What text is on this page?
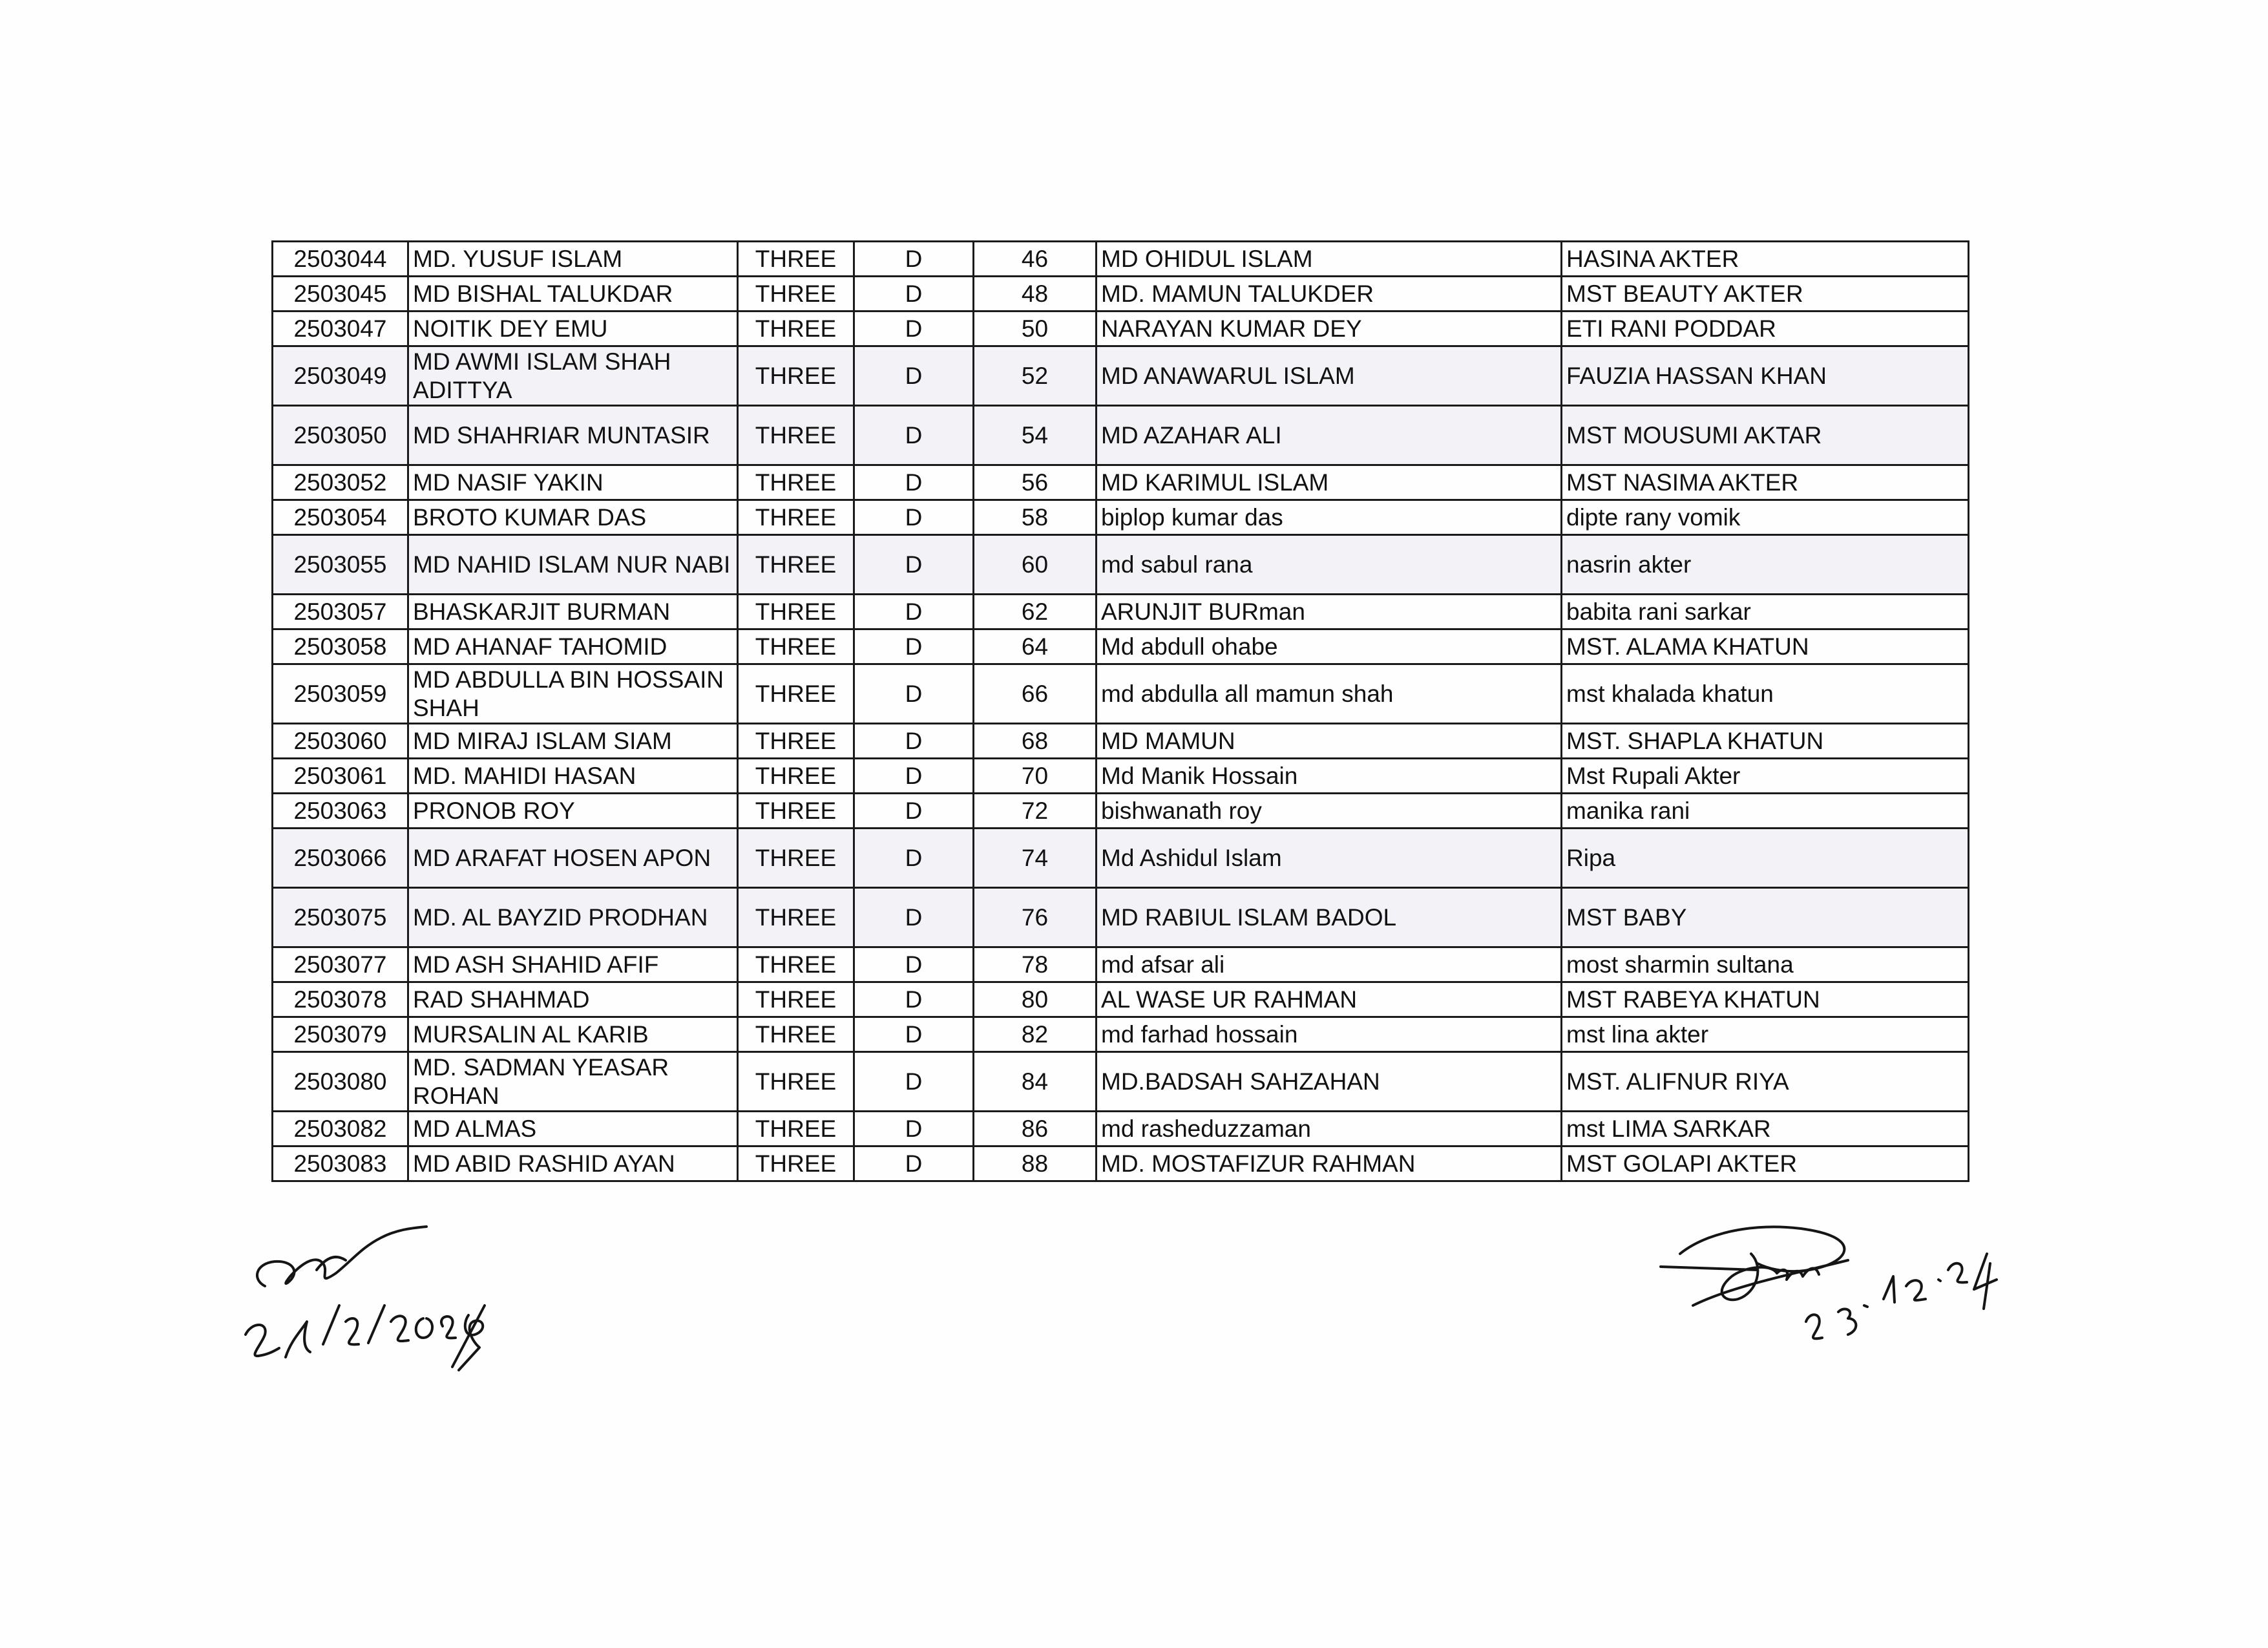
2503044	MD. YUSUF ISLAM	THREE	D	46	MD OHIDUL ISLAM	HASINA AKTER
2503045	MD BISHAL TALUKDAR	THREE	D	48	MD. MAMUN TALUKDER	MST BEAUTY AKTER
2503047	NOITIK DEY EMU	THREE	D	50	NARAYAN KUMAR DEY	ETI RANI PODDAR
2503049	MD AWMI ISLAM SHAH ADITTYA	THREE	D	52	MD ANAWARUL ISLAM	FAUZIA HASSAN KHAN
2503050	MD SHAHRIAR MUNTASIR	THREE	D	54	MD AZAHAR ALI	MST MOUSUMI AKTAR
2503052	MD NASIF YAKIN	THREE	D	56	MD KARIMUL ISLAM	MST NASIMA AKTER
2503054	BROTO KUMAR DAS	THREE	D	58	biplop kumar das	dipte rany vomik
2503055	MD NAHID ISLAM NUR NABI	THREE	D	60	md sabul rana	nasrin akter
2503057	BHASKARJIT BURMAN	THREE	D	62	ARUNJIT BURman	babita rani sarkar
2503058	MD AHANAF TAHOMID	THREE	D	64	Md abdull ohabe	MST. ALAMA KHATUN
2503059	MD ABDULLA BIN HOSSAIN SHAH	THREE	D	66	md abdulla all mamun shah	mst khalada khatun
2503060	MD MIRAJ ISLAM SIAM	THREE	D	68	MD MAMUN	MST. SHAPLA KHATUN
2503061	MD. MAHIDI HASAN	THREE	D	70	Md Manik Hossain	Mst Rupali Akter
2503063	PRONOB ROY	THREE	D	72	bishwanath roy	manika rani
2503066	MD ARAFAT HOSEN APON	THREE	D	74	Md Ashidul Islam	Ripa
2503075	MD. AL BAYZID PRODHAN	THREE	D	76	MD RABIUL ISLAM BADOL	MST BABY
2503077	MD ASH SHAHID AFIF	THREE	D	78	md afsar ali	most sharmin sultana
2503078	RAD SHAHMAD	THREE	D	80	AL WASE UR RAHMAN	MST RABEYA KHATUN
2503079	MURSALIN AL KARIB	THREE	D	82	md farhad hossain	mst lina akter
2503080	MD. SADMAN YEASAR ROHAN	THREE	D	84	MD.BADSAH SAHZAHAN	MST. ALIFNUR RIYA
2503082	MD ALMAS	THREE	D	86	md rasheduzzaman	mst LIMA SARKAR
2503083	MD ABID RASHID AYAN	THREE	D	88	MD. MOSTAFIZUR RAHMAN	MST GOLAPI AKTER
